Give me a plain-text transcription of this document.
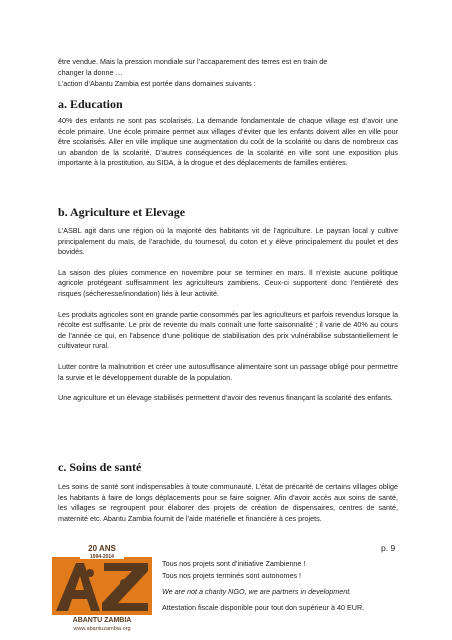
être vendue. Mais la pression mondiale sur l’accaparement des terres est en train de

changer la donne …

L’action d’Abantu Zambia est portée dans domaines suivants :

a. Education

40% des enfants ne sont pas scolarisés. La demande fondamentale de chaque village est d’avoir une école primaire. Une école primaire permet aux villages d’éviter que les enfants doivent aller en ville pour être scolarisés. Aller en ville implique une augmentation du coût de la scolarité ou dans de nombreux cas un abandon de la scolarité. D’autres conséquences de la scolarité en ville sont une exposition plus importante à la prostitution, au SIDA, à la drogue et des déplacements de familles entières.

b. Agriculture et Elevage

L’ASBL agit dans une région où la majorité des habitants vit de l’agriculture. Le paysan local y cultive principalement du maïs, de l’arachide, du tournesol, du coton et y élève principalement du poulet et des bovidés.

La saison des pluies commence en novembre pour se terminer en mars. Il n’existe aucune politique agricole protégeant suffisamment les agriculteurs zambiens. Ceux-ci supportent donc l’entièreté des risques (sécheresse/inondation) liés à leur activité.

Les produits agricoles sont en grande partie consommés par les agriculteurs et parfois revendus lorsque la récolte est suffisante. Le prix de revente du maïs connaît une forte saisonnalité ; il varie de 40% au cours de l’année ce qui, en l’absence d’une politique de stabilisation des prix vulnérabilise substantiellement le cultivateur rural.

Lutter contre la malnutrition et créer une autosuffisance alimentaire sont un passage obligé pour permettre la survie et le développement durable de la population.

Une agriculture et un élevage stabilisés permettent d’avoir des revenus finançant la scolarité des enfants.

c. Soins de santé

Les soins de santé sont indispensables à toute communauté. L’état de précarité de certains villages oblige les habitants à faire de longs déplacements pour se faire soigner. Afin d’avoir accès aux soins de santé, les villages se regroupent pour élaborer des projets de création de dispensaires, centres de santé, maternité etc. Abantu Zambia fournit de l’aide matérielle et financière à ces projets.

20 ANS
1994-2014
ABANTU ZAMBIA
www.abantuzambia.org

Tous nos projets sont d’initiative Zambienne !

Tous nos projets terminés sont autonomes !

We are not a charity NGO, we are partners in development.

Attestation fiscale disponible pour tout don supérieur à 40 EUR.

p. 9
